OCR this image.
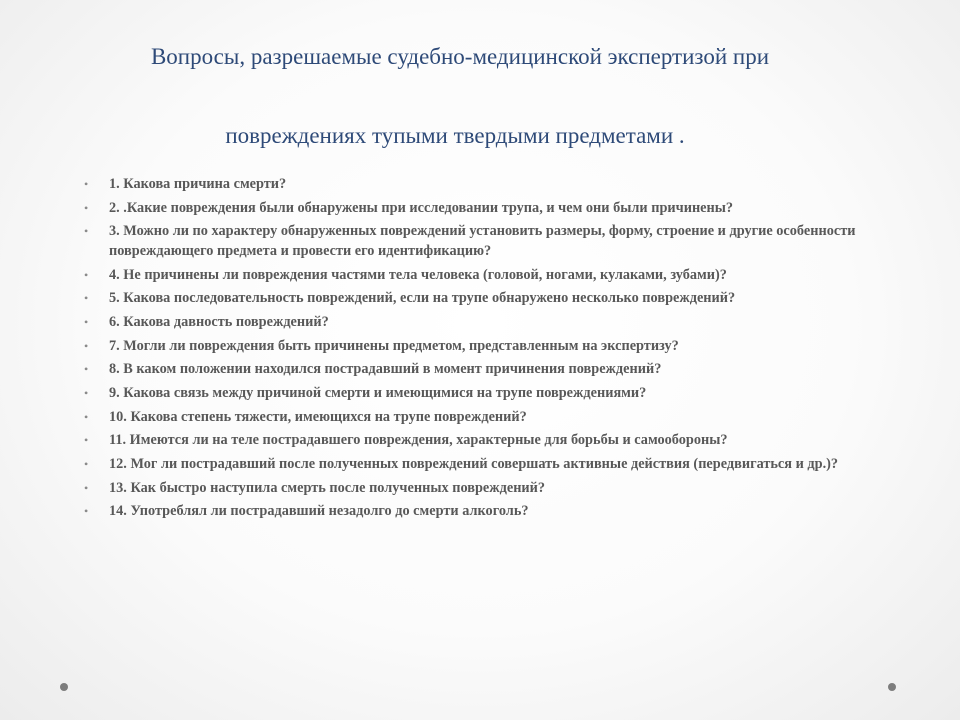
Вопросы, разрешаемые судебно-медицинской экспертизой при
повреждениях тупыми твердыми предметами .
• 1. Какова причина смерти?
• 2. .Какие повреждения были обнаружены при исследовании трупа, и чем они были причинены?
• 3. Можно ли по характеру обнаруженных повреждений установить размеры, форму, строение и другие особенности повреждающего предмета и провести его идентификацию?
• 4. Не причинены ли повреждения частями тела человека (головой, ногами, кулаками, зубами)?
• 5. Какова последовательность повреждений, если на трупе обнаружено несколько повреждений?
• 6. Какова давность повреждений?
• 7. Могли ли повреждения быть причинены предметом, представленным на экспертизу?
• 8. В каком положении находился пострадавший в момент причинения повреждений?
• 9. Какова связь между причиной смерти и имеющимися на трупе повреждениями?
• 10. Какова степень тяжести, имеющихся на трупе повреждений?
• 11. Имеются ли на теле пострадавшего повреждения, характерные для борьбы и самообороны?
• 12. Мог ли пострадавший после полученных повреждений совершать активные действия (передвигаться и др.)?
• 13. Как быстро наступила смерть после полученных повреждений?
• 14. Употреблял ли пострадавший незадолго до смерти алкоголь?
